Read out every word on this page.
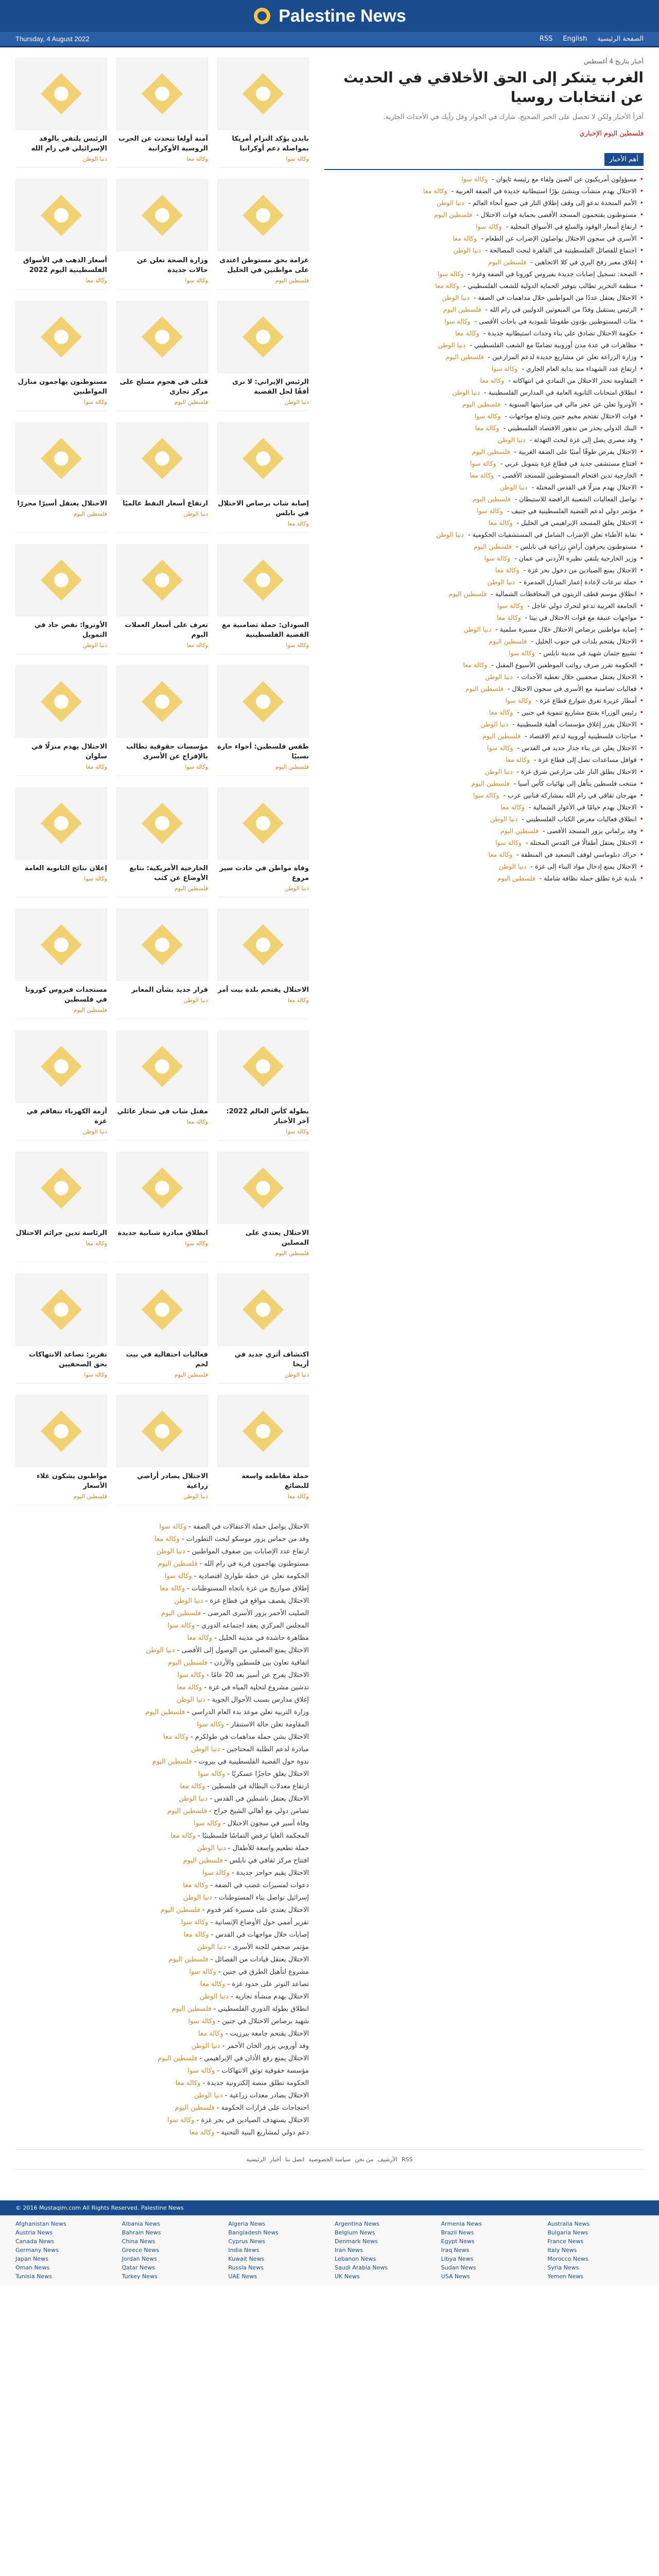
Palestine News
Thursday, 4 August 2022	RSS English الصفحة الرئيسية
أخبار بتاريخ 4 أغسطس
الغرب يتنكر إلى الحق الأخلاقي في الحديث عن انتخابات روسيا

أقرأ الأخبار ولكن لا تحصل على الخبر الصحيح، شارك في الحوار وقل رأيك في الأحداث الجارية.

فلسطين اليوم الإخباري
أهم الأخبار
•مسؤولون أمريكيون عن الصين ولقاء مع رئيسة تايوان - وكالة سوا
•الاحتلال يهدم منشآت وينشئ بؤرًا استيطانية جديدة في الضفة الغربية - وكالة معا
•الأمم المتحدة تدعو إلى وقف إطلاق النار في جميع أنحاء العالم - دنيا الوطن
•مستوطنون يقتحمون المسجد الأقصى بحماية قوات الاحتلال - فلسطين اليوم
•ارتفاع أسعار الوقود والسلع في الأسواق المحلية - وكالة سوا
•الأسرى في سجون الاحتلال يواصلون الإضراب عن الطعام - وكالة معا
•اجتماع للفصائل الفلسطينية في القاهرة لبحث المصالحة - دنيا الوطن
•إغلاق معبر رفح البري في كلا الاتجاهين - فلسطين اليوم
•الصحة: تسجيل إصابات جديدة بفيروس كورونا في الضفة وغزة - وكالة سوا
•منظمة التحرير تطالب بتوفير الحماية الدولية للشعب الفلسطيني - وكالة معا
•الاحتلال يعتقل عددًا من المواطنين خلال مداهمات في الضفة - دنيا الوطن
•الرئيس يستقبل وفدًا من المبعوثين الدوليين في رام الله - فلسطين اليوم
•مئات المستوطنين يؤدون طقوسًا تلمودية في باحات الأقصى - وكالة سوا
•حكومة الاحتلال تصادق على بناء وحدات استيطانية جديدة - وكالة معا
•مظاهرات في عدة مدن أوروبية تضامنًا مع الشعب الفلسطيني - دنيا الوطن
•وزارة الزراعة تعلن عن مشاريع جديدة لدعم المزارعين - فلسطين اليوم
•ارتفاع عدد الشهداء منذ بداية العام الجاري - وكالة سوا
•المقاومة تحذر الاحتلال من التمادي في انتهاكاته - وكالة معا
•انطلاق امتحانات الثانوية العامة في المدارس الفلسطينية - دنيا الوطن
•الأونروا تعلن عن عجز مالي في ميزانيتها السنوية - فلسطين اليوم
•قوات الاحتلال تقتحم مخيم جنين وتندلع مواجهات - وكالة سوا
•البنك الدولي يحذر من تدهور الاقتصاد الفلسطيني - وكالة معا
•وفد مصري يصل إلى غزة لبحث التهدئة - دنيا الوطن
•الاحتلال يفرض طوقًا أمنيًا على الضفة الغربية - فلسطين اليوم
•افتتاح مستشفى جديد في قطاع غزة بتمويل عربي - وكالة سوا
•الخارجية تدين اقتحام المستوطنين للمسجد الأقصى - وكالة معا
•الاحتلال يهدم منزلًا في القدس المحتلة - دنيا الوطن
•تواصل الفعاليات الشعبية الرافضة للاستيطان - فلسطين اليوم
•مؤتمر دولي لدعم القضية الفلسطينية في جنيف - وكالة سوا
•الاحتلال يغلق المسجد الإبراهيمي في الخليل - وكالة معا
•نقابة الأطباء تعلن الإضراب الشامل في المستشفيات الحكومية - دنيا الوطن
•مستوطنون يحرقون أراضٍ زراعية في نابلس - فلسطين اليوم
•وزير الخارجية يلتقي نظيره الأردني في عمان - وكالة سوا
•الاحتلال يمنع الصيادين من دخول بحر غزة - وكالة معا
•حملة تبرعات لإعادة إعمار المنازل المدمرة - دنيا الوطن
•انطلاق موسم قطف الزيتون في المحافظات الشمالية - فلسطين اليوم
•الجامعة العربية تدعو لتحرك دولي عاجل - وكالة سوا
•مواجهات عنيفة مع قوات الاحتلال في بيتا - وكالة معا
•إصابة مواطنين برصاص الاحتلال خلال مسيرة سلمية - دنيا الوطن
•الاحتلال يقتحم بلدات في جنوب الخليل - فلسطين اليوم
•تشييع جثمان شهيد في مدينة نابلس - وكالة سوا
•الحكومة تقرر صرف رواتب الموظفين الأسبوع المقبل - وكالة معا
•الاحتلال يعتقل صحفيين خلال تغطية الأحداث - دنيا الوطن
•فعاليات تضامنية مع الأسرى في سجون الاحتلال - فلسطين اليوم
•أمطار غزيرة تغرق شوارع قطاع غزة - وكالة سوا
•رئيس الوزراء يفتتح مشاريع تنموية في جنين - وكالة معا
•الاحتلال يقرر إغلاق مؤسسات أهلية فلسطينية - دنيا الوطن
•مباحثات فلسطينية أوروبية لدعم الاقتصاد - فلسطين اليوم
•الاحتلال يعلن عن بناء جدار جديد في القدس - وكالة سوا
•قوافل مساعدات تصل إلى قطاع غزة - وكالة معا
•الاحتلال يطلق النار على مزارعين شرق غزة - دنيا الوطن
•منتخب فلسطين يتأهل إلى نهائيات كأس آسيا - فلسطين اليوم
•مهرجان ثقافي في رام الله بمشاركة فنانين عرب - وكالة سوا
•الاحتلال يهدم خيامًا في الأغوار الشمالية - وكالة معا
•انطلاق فعاليات معرض الكتاب الفلسطيني - دنيا الوطن
•وفد برلماني يزور المسجد الأقصى - فلسطين اليوم
•الاحتلال يعتقل أطفالًا في القدس المحتلة - وكالة سوا
•حراك دبلوماسي لوقف التصعيد في المنطقة - وكالة معا
•الاحتلال يمنع إدخال مواد البناء إلى غزة - دنيا الوطن
•بلدية غزة تطلق حملة نظافة شاملة - فلسطين اليوم
بايدن يؤكد التزام أمريكا بمواصلة دعم أوكرانيا
وكالة سوا
آمنة أولغا تتحدث عن الحرب الروسية الأوكرانية
وكالة معا
الرئيس يلتقي بالوفد الإسرائيلي في رام الله
دنيا الوطن
غرامة بحق مستوطن اعتدى على مواطنين في الخليل
فلسطين اليوم
وزارة الصحة تعلن عن حالات جديدة
وكالة سوا
أسعار الذهب في الأسواق الفلسطينية اليوم 2022
وكالة معا
الرئيس الإيراني: لا نرى أفقًا لحل القضية
دنيا الوطن
قتلى في هجوم مسلح على مركز تجاري
فلسطين اليوم
مستوطنون يهاجمون منازل المواطنين
وكالة سوا
إصابة شاب برصاص الاحتلال في نابلس
وكالة معا
ارتفاع أسعار النفط عالميًا
دنيا الوطن
الاحتلال يعتقل أسيرًا محررًا
فلسطين اليوم
السودان: حملة تضامنية مع القضية الفلسطينية
وكالة سوا
تعرف على أسعار العملات اليوم
وكالة معا
الأونروا: نقص حاد في التمويل
دنيا الوطن
طقس فلسطين: أجواء حارة نسبيًا
فلسطين اليوم
مؤسسات حقوقية تطالب بالإفراج عن الأسرى
وكالة سوا
الاحتلال يهدم منزلًا في سلوان
وكالة معا
وفاة مواطن في حادث سير مروع
دنيا الوطن
الخارجية الأمريكية: نتابع الأوضاع عن كثب
فلسطين اليوم
إعلان نتائج الثانوية العامة
وكالة سوا
الاحتلال يقتحم بلدة بيت أمر
وكالة معا
قرار جديد بشأن المعابر
دنيا الوطن
مستجدات فيروس كورونا في فلسطين
فلسطين اليوم
بطولة كأس العالم 2022: آخر الأخبار
وكالة سوا
مقتل شاب في شجار عائلي
وكالة معا
أزمة الكهرباء تتفاقم في غزة
دنيا الوطن
الاحتلال يعتدي على المصلين
فلسطين اليوم
انطلاق مبادرة شبابية جديدة
وكالة سوا
الرئاسة تدين جرائم الاحتلال
وكالة معا
اكتشاف أثري جديد في أريحا
دنيا الوطن
فعاليات احتفالية في بيت لحم
فلسطين اليوم
تقرير: تصاعد الانتهاكات بحق الصحفيين
وكالة سوا
حملة مقاطعة واسعة للبضائع
وكالة معا
الاحتلال يصادر أراضي زراعية
دنيا الوطن
مواطنون يشكون غلاء الأسعار
فلسطين اليوم
الاحتلال يواصل حملة الاعتقالات في الضفة - وكالة سوا
وفد من حماس يزور موسكو لبحث التطورات - وكالة معا
ارتفاع عدد الإصابات بين صفوف المواطنين - دنيا الوطن
مستوطنون يهاجمون قرية في رام الله - فلسطين اليوم
الحكومة تعلن عن خطة طوارئ اقتصادية - وكالة سوا
إطلاق صواريخ من غزة باتجاه المستوطنات - وكالة معا
الاحتلال يقصف مواقع في قطاع غزة - دنيا الوطن
الصليب الأحمر يزور الأسرى المرضى - فلسطين اليوم
المجلس المركزي يعقد اجتماعه الدوري - وكالة سوا
مظاهرة حاشدة في مدينة الخليل - وكالة معا
الاحتلال يمنع المصلين من الوصول إلى الأقصى - دنيا الوطن
اتفاقية تعاون بين فلسطين والأردن - فلسطين اليوم
الاحتلال يفرج عن أسير بعد 20 عامًا - وكالة سوا
تدشين مشروع لتحلية المياه في غزة - وكالة معا
إغلاق مدارس بسبب الأحوال الجوية - دنيا الوطن
وزارة التربية تعلن موعد بدء العام الدراسي - فلسطين اليوم
المقاومة تعلن حالة الاستنفار - وكالة سوا
الاحتلال يشن حملة مداهمات في طولكرم - وكالة معا
مبادرة لدعم الطلبة المحتاجين - دنيا الوطن
ندوة حول القضية الفلسطينية في بيروت - فلسطين اليوم
الاحتلال يغلق حاجزًا عسكريًا - وكالة سوا
ارتفاع معدلات البطالة في فلسطين - وكالة معا
الاحتلال يعتقل ناشطين في القدس - دنيا الوطن
تضامن دولي مع أهالي الشيخ جراح - فلسطين اليوم
وفاة أسير في سجون الاحتلال - وكالة سوا
المحكمة العليا ترفض التماسًا فلسطينيًا - وكالة معا
حملة تطعيم واسعة للأطفال - دنيا الوطن
افتتاح مركز ثقافي في نابلس - فلسطين اليوم
الاحتلال يقيم حواجز جديدة - وكالة سوا
دعوات لمسيرات غضب في الضفة - وكالة معا
إسرائيل تواصل بناء المستوطنات - دنيا الوطن
الاحتلال يعتدي على مسيرة كفر قدوم - فلسطين اليوم
تقرير أممي حول الأوضاع الإنسانية - وكالة سوا
إصابات خلال مواجهات في القدس - وكالة معا
مؤتمر صحفي للجنة الأسرى - دنيا الوطن
الاحتلال يعتقل قيادات من الفصائل - فلسطين اليوم
مشروع لتأهيل الطرق في جنين - وكالة سوا
تصاعد التوتر على حدود غزة - وكالة معا
الاحتلال يهدم منشأة تجارية - دنيا الوطن
انطلاق بطولة الدوري الفلسطيني - فلسطين اليوم
شهيد برصاص الاحتلال في جنين - وكالة سوا
الاحتلال يقتحم جامعة بيرزيت - وكالة معا
وفد أوروبي يزور الخان الأحمر - دنيا الوطن
الاحتلال يمنع رفع الأذان في الإبراهيمي - فلسطين اليوم
مؤسسة حقوقية توثق الانتهاكات - وكالة سوا
الحكومة تطلق منصة إلكترونية جديدة - وكالة معا
الاحتلال يصادر معدات زراعية - دنيا الوطن
احتجاجات على قرارات الحكومة - فلسطين اليوم
الاحتلال يستهدف الصيادين في بحر غزة - وكالة سوا
دعم دولي لمشاريع البنية التحتية - وكالة معا
الرئيسية أخبار اتصل بنا سياسة الخصوصية من نحن الأرشيف RSS
© 2016 Mustaqim.com All Rights Reserved. Palestine News
Afghanistan News	Albania News	Algeria News	Argentina News	Armenia News	Australia News
Austria News	Bahrain News	Bangladesh News	Belgium News	Brazil News	Bulgaria News
Canada News	China News	Cyprus News	Denmark News	Egypt News	France News
Germany News	Greece News	India News	Iran News	Iraq News	Italy News
Japan News	Jordan News	Kuwait News	Lebanon News	Libya News	Morocco News
Oman News	Qatar News	Russia News	Saudi Arabia News	Sudan News	Syria News
Tunisia News	Turkey News	UAE News	UK News	USA News	Yemen News
